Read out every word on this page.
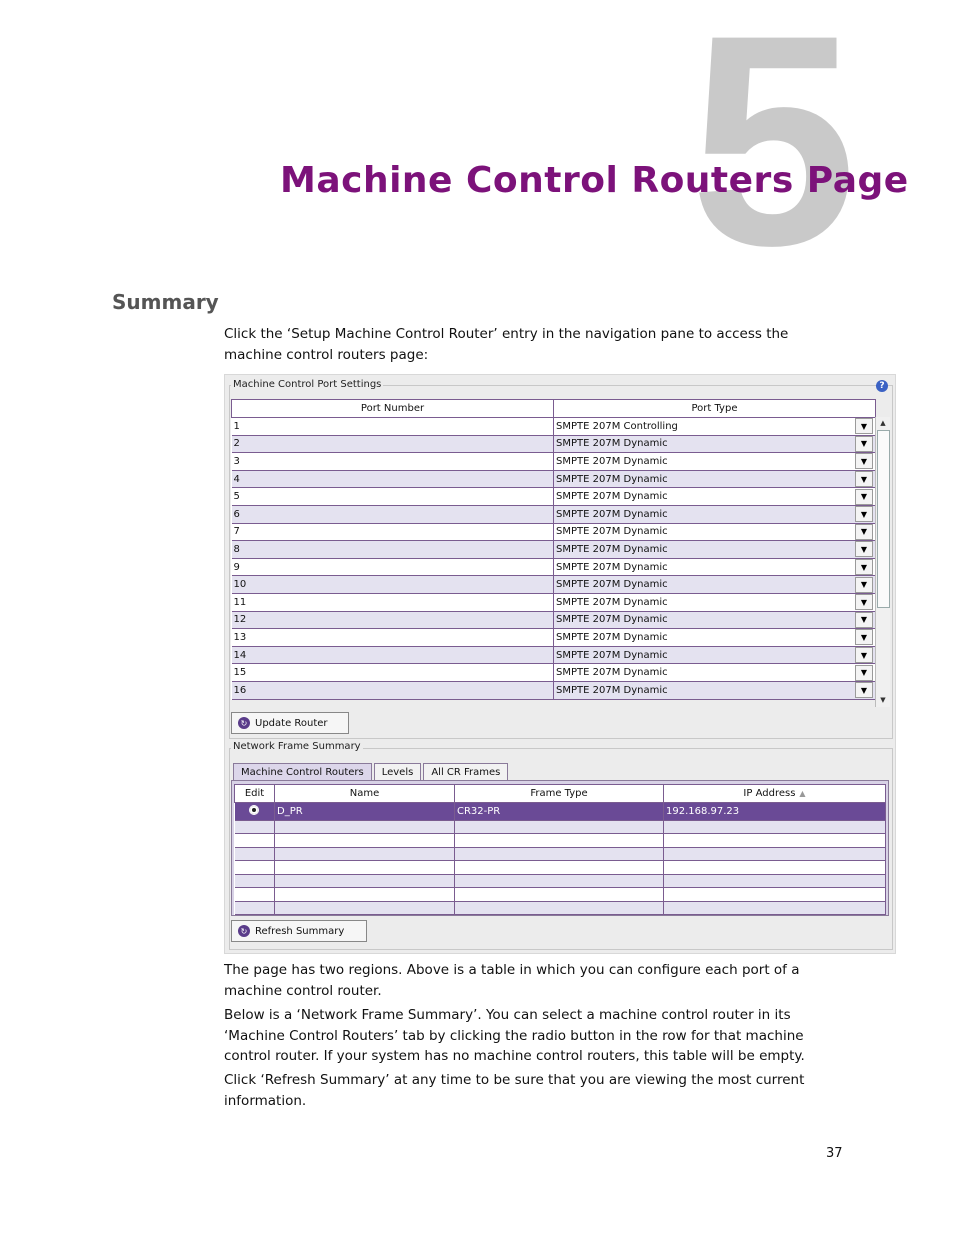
5
Machine Control Routers Page
Summary

Click the ‘Setup Machine Control Router’ entry in the navigation pane to access the machine control routers page:

Machine Control Port Settings	?
Port Number	Port Type
1	SMPTE 207M Controlling ▼

2	SMPTE 207M Dynamic ▼

3	SMPTE 207M Dynamic ▼

4	SMPTE 207M Dynamic ▼

5	SMPTE 207M Dynamic ▼

6	SMPTE 207M Dynamic ▼

7	SMPTE 207M Dynamic ▼

8	SMPTE 207M Dynamic ▼

9	SMPTE 207M Dynamic ▼

10	SMPTE 207M Dynamic ▼

11	SMPTE 207M Dynamic ▼

12	SMPTE 207M Dynamic ▼

13	SMPTE 207M Dynamic ▼

14	SMPTE 207M Dynamic ▼

15	SMPTE 207M Dynamic ▼

16	SMPTE 207M Dynamic ▼
▲
▼
↻ Update Router
Network Frame Summary
Machine Control Routers	Levels	All CR Frames
Edit	Name	Frame Type	IP Address ▲
	D_PR	CR32-PR	192.168.97.23

↻ Refresh Summary

The page has two regions. Above is a table in which you can configure each port of a machine control router.

Below is a ‘Network Frame Summary’. You can select a machine control router in its ‘Machine Control Routers’ tab by clicking the radio button in the row for that machine control router. If your system has no machine control routers, this table will be empty.

Click ‘Refresh Summary’ at any time to be sure that you are viewing the most current information.

37
